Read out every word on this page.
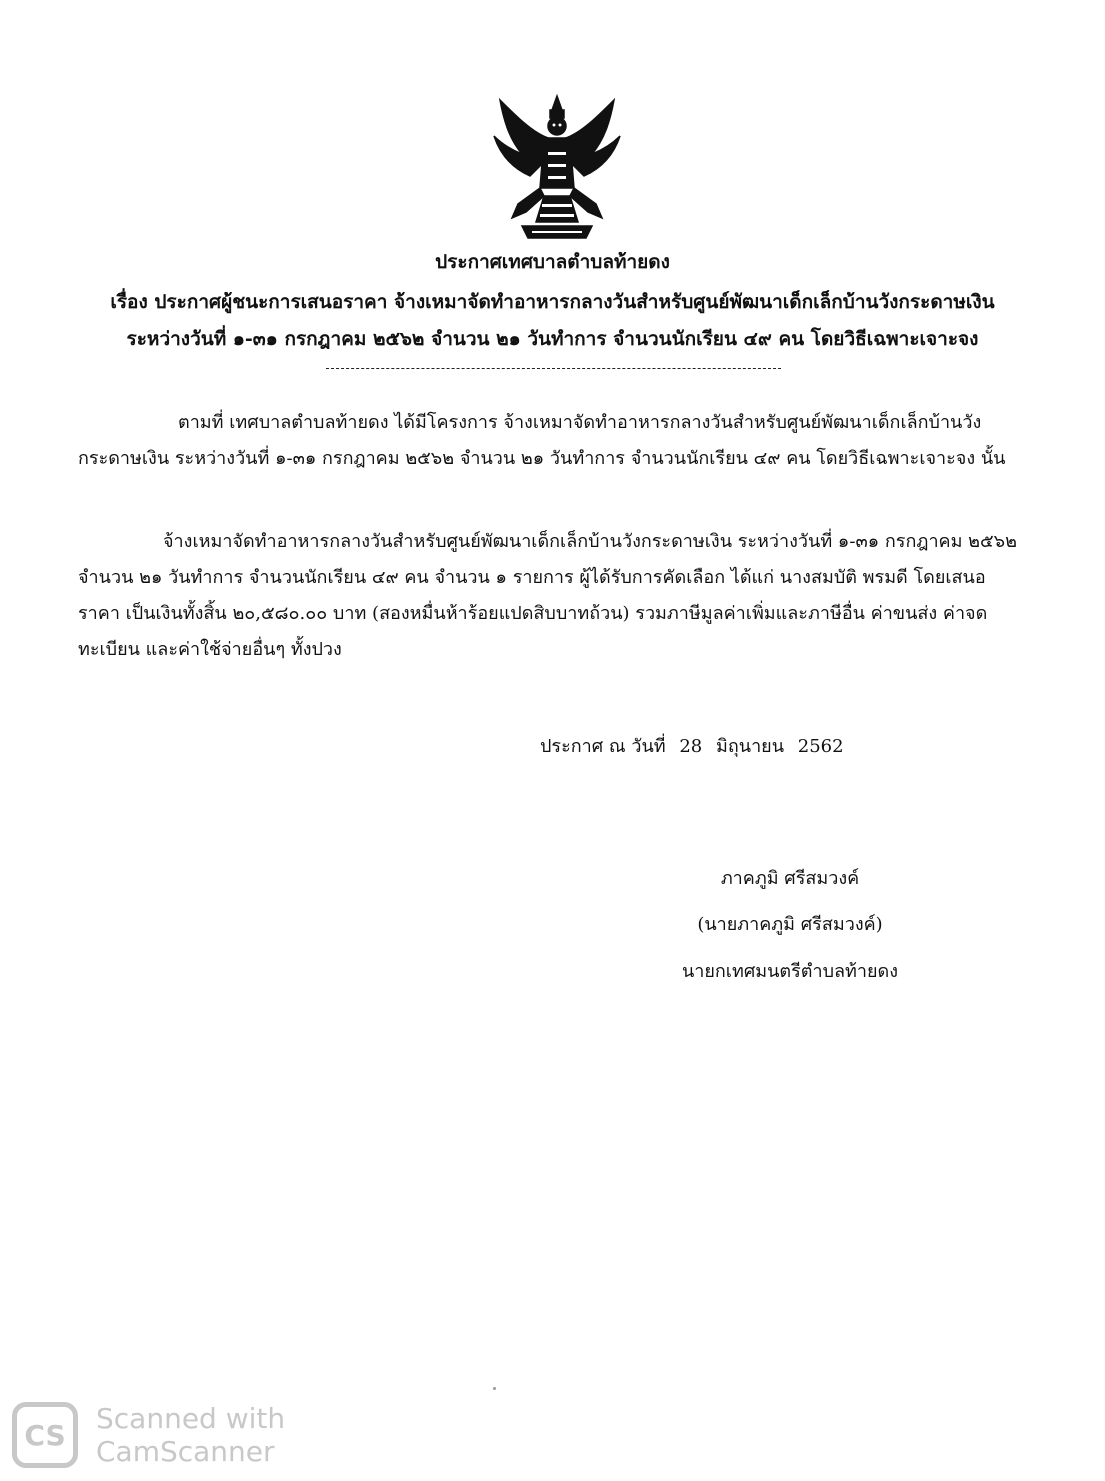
ประกาศเทศบาลตำบลท้ายดง
เรื่อง ประกาศผู้ชนะการเสนอราคา จ้างเหมาจัดทำอาหารกลางวันสำหรับศูนย์พัฒนาเด็กเล็กบ้านวังกระดาษเงิน
ระหว่างวันที่ ๑-๓๑ กรกฎาคม ๒๕๖๒ จำนวน ๒๑ วันทำการ จำนวนนักเรียน ๔๙ คน โดยวิธีเฉพาะเจาะจง
ตามที่ เทศบาลตำบลท้ายดง ได้มีโครงการ จ้างเหมาจัดทำอาหารกลางวันสำหรับศูนย์พัฒนาเด็กเล็กบ้านวังกระดาษเงิน ระหว่างวันที่ ๑-๓๑ กรกฎาคม ๒๕๖๒ จำนวน ๒๑ วันทำการ จำนวนนักเรียน ๔๙ คน โดยวิธีเฉพาะเจาะจง นั้น
จ้างเหมาจัดทำอาหารกลางวันสำหรับศูนย์พัฒนาเด็กเล็กบ้านวังกระดาษเงิน ระหว่างวันที่ ๑-๓๑ กรกฎาคม ๒๕๖๒ จำนวน ๒๑ วันทำการ จำนวนนักเรียน ๔๙ คน จำนวน ๑ รายการ ผู้ได้รับการคัดเลือก ได้แก่ นางสมบัติ พรมดี โดยเสนอราคา เป็นเงินทั้งสิ้น ๒๐,๕๘๐.๐๐ บาท (สองหมื่นห้าร้อยแปดสิบบาทถ้วน) รวมภาษีมูลค่าเพิ่มและภาษีอื่น ค่าขนส่ง ค่าจดทะเบียน และค่าใช้จ่ายอื่นๆ ทั้งปวง
ประกาศ ณ วันที่ 28 มิถุนายน 2562
ภาคภูมิ ศรีสมวงค์
(นายภาคภูมิ ศรีสมวงค์)
นายกเทศมนตรีตำบลท้ายดง
CS Scanned with
CamScanner
